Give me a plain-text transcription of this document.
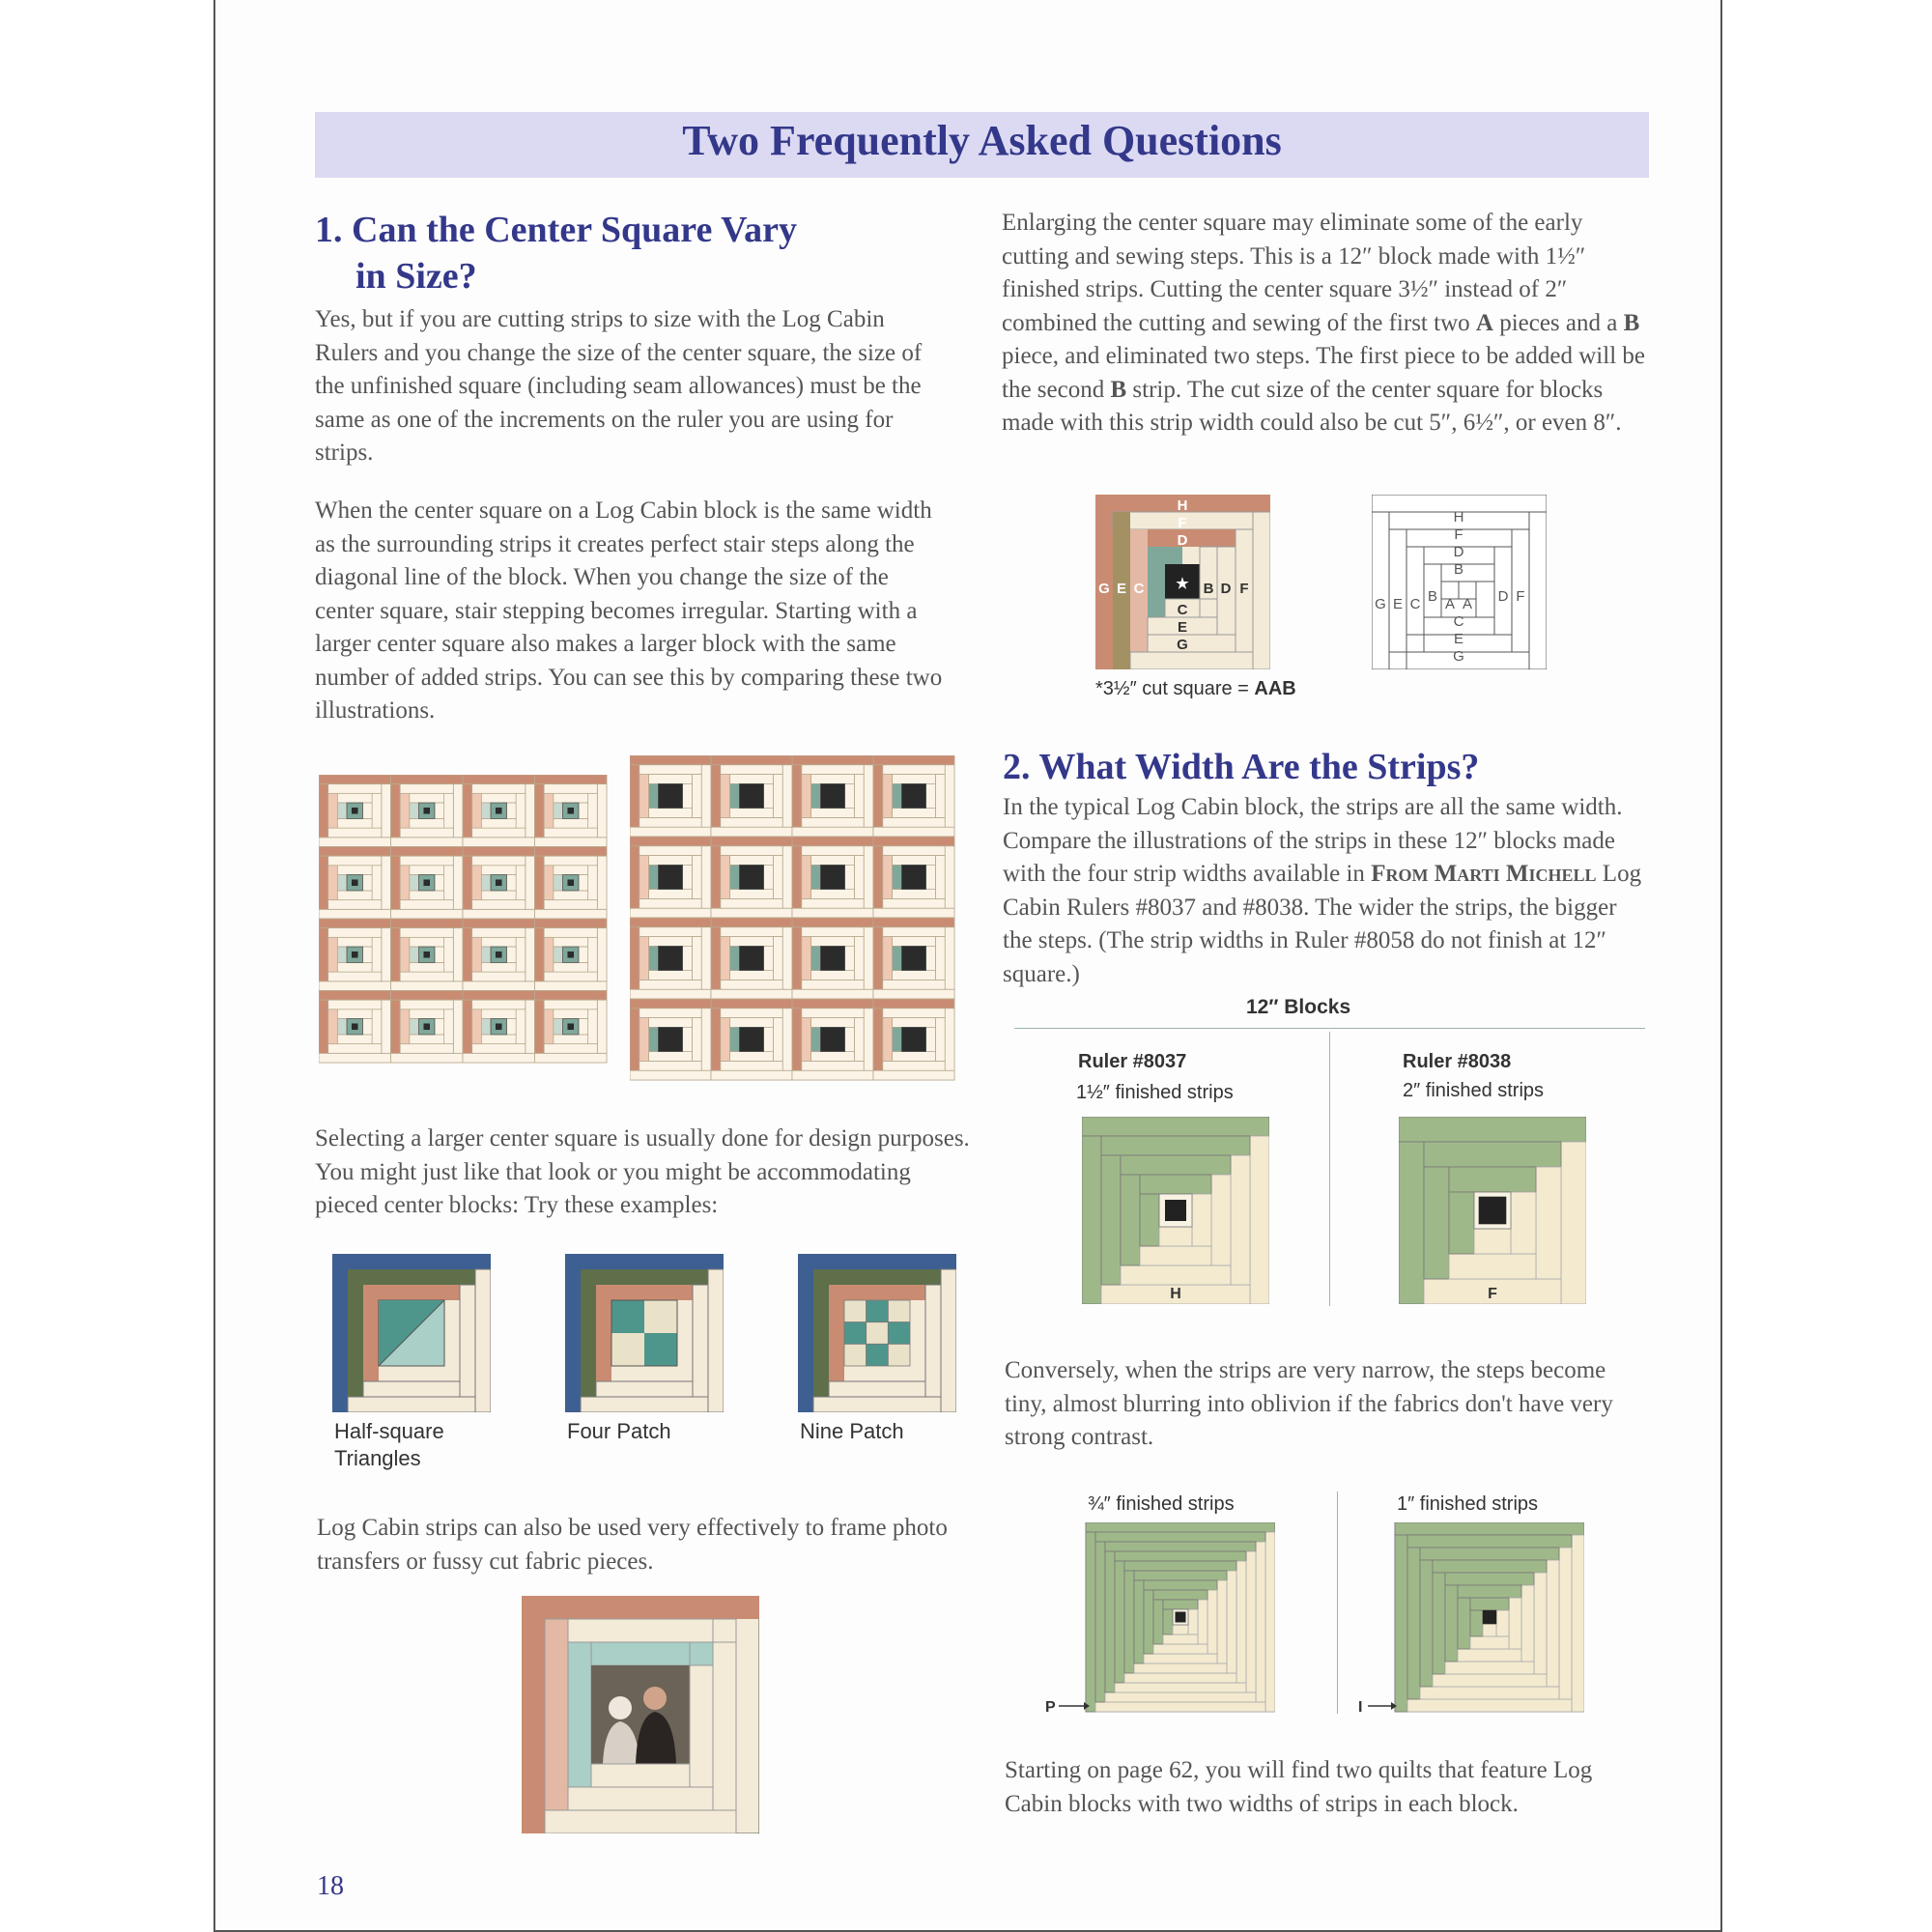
Two Frequently Asked Questions
1. Can the Center Square Vary
in Size?
Yes, but if you are cutting strips to size with the Log Cabin Rulers and you change the size of the center square, the size of the unfinished square (including seam allowances) must be the same as one of the increments on the ruler you are using for strips.
When the center square on a Log Cabin block is the same width as the surrounding strips it creates perfect stair steps along the diagonal line of the block. When you change the size of the center square, stair stepping becomes irregular. Starting with a larger center square also makes a larger block with the same number of added strips. You can see this by comparing these two illustrations.
Selecting a larger center square is usually done for design purposes. You might just like that look or you might be accommodating pieced center blocks: Try these examples:
Half-square
Triangles
Four Patch	Nine Patch
Log Cabin strips can also be used very effectively to frame photo transfers or fussy cut fabric pieces.
18
Enlarging the center square may eliminate some of the early cutting and sewing steps. This is a 12″ block made with 1½″ finished strips. Cutting the center square 3½″ instead of 2″ combined the cutting and sewing of the first two A pieces and a B piece, and eliminated two steps. The first piece to be added will be the second B strip. The cut size of the center square for blocks made with this strip width could also be cut 5″, 6½″, or even 8″.
H
F
D
G E C ★ B D F
C
E
G
H
F
D
B
G E C A A
B	D F
C
E
G
*3½″ cut square = AAB
2. What Width Are the Strips?
In the typical Log Cabin block, the strips are all the same width. Compare the illustrations of the strips in these 12″ blocks made with the four strip widths available in From Marti Michell Log Cabin Rulers #8037 and #8038. The wider the strips, the bigger the steps. (The strip widths in Ruler #8058 do not finish at 12″ square.)
12″ Blocks
Ruler #8037
1½″ finished strips
Ruler #8038
2″ finished strips
H	F
Conversely, when the strips are very narrow, the steps become tiny, almost blurring into oblivion if the fabrics don't have very strong contrast.
¾″ finished strips	1″ finished strips
P	I
Starting on page 62, you will find two quilts that feature Log Cabin blocks with two widths of strips in each block.
